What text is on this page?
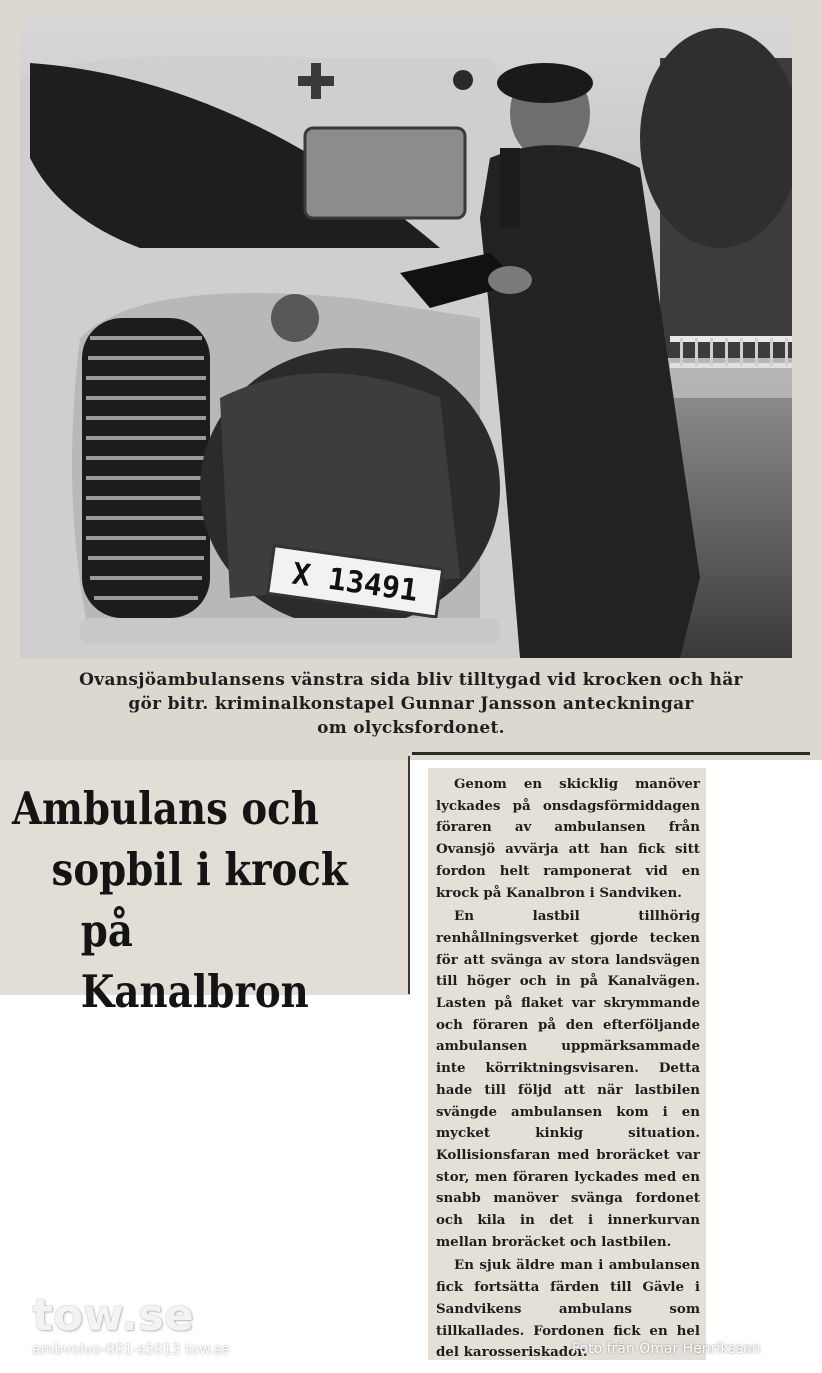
X 13491
Ovansjöambulansens vänstra sida bliv tilltygad vid krocken och här
gör bitr. kriminalkonstapel Gunnar Jansson anteckningar
om olycksfordonet.
Ambulans och
sopbil i krock
på Kanalbron

Genom en skicklig manöver lyckades på onsdagsförmiddagen föraren av ambulansen från Ovansjö avvärja att han fick sitt fordon helt ramponerat vid en krock på Kanalbron i Sandviken.

En lastbil tillhörig renhållningsverket gjorde tecken för att svänga av stora landsvägen till höger och in på Kanalvägen. Lasten på flaket var skrymmande och föraren på den efterföljande ambulansen uppmärksammade inte körriktningsvisaren. Detta hade till följd att när lastbilen svängde ambulansen kom i en mycket kinkig situation. Kollisionsfaran med broräcket var stor, men föraren lyckades med en snabb manöver svänga fordonet och kila in det i innerkurvan mellan broräcket och lastbilen.

En sjuk äldre man i ambulansen fick fortsätta färden till Gävle i Sandvikens ambulans som tillkallades. Fordonen fick en hel del karosseriskador.

tow.se
ambvolvo-001-s5013 tow.se	Foto från Omar Henriksson
